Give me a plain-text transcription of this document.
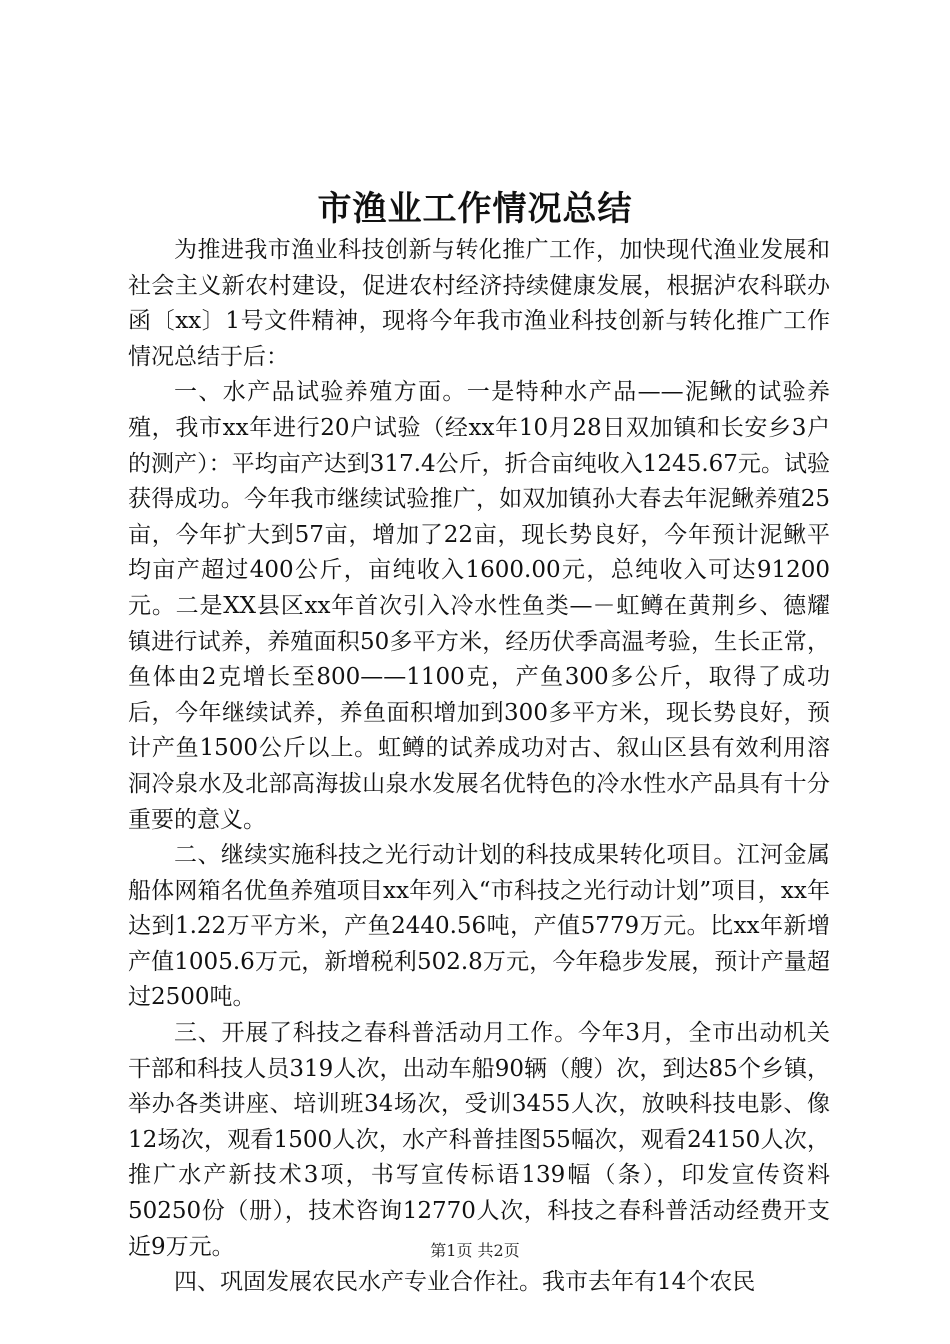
市渔业工作情况总结

为推进我市渔业科技创新与转化推广工作，加快现代渔业发展和社会主义新农村建设，促进农村经济持续健康发展，根据泸农科联办函〔xx〕1号文件精神，现将今年我市渔业科技创新与转化推广工作情况总结于后：

一、水产品试验养殖方面。一是特种水产品——泥鳅的试验养殖，我市xx年进行20户试验（经xx年10月28日双加镇和长安乡3户的测产）：平均亩产达到317.4公斤，折合亩纯收入1245.67元。试验获得成功。今年我市继续试验推广，如双加镇孙大春去年泥鳅养殖25亩，今年扩大到57亩，增加了22亩，现长势良好，今年预计泥鳅平均亩产超过400公斤，亩纯收入1600.00元，总纯收入可达91200元。二是XX县区xx年首次引入冷水性鱼类—－虹鳟在黄荆乡、德耀镇进行试养，养殖面积50多平方米，经历伏季高温考验，生长正常，鱼体由2克增长至800——1100克，产鱼300多公斤，取得了成功后，今年继续试养，养鱼面积增加到300多平方米，现长势良好，预计产鱼1500公斤以上。虹鳟的试养成功对古、叙山区县有效利用溶洞冷泉水及北部高海拔山泉水发展名优特色的冷水性水产品具有十分重要的意义。

二、继续实施科技之光行动计划的科技成果转化项目。江河金属船体网箱名优鱼养殖项目xx年列入“市科技之光行动计划”项目，xx年达到1.22万平方米，产鱼2440.56吨，产值5779万元。比xx年新增产值1005.6万元，新增税利502.8万元，今年稳步发展，预计产量超过2500吨。

三、开展了科技之春科普活动月工作。今年3月，全市出动机关干部和科技人员319人次，出动车船90辆（艘）次，到达85个乡镇，举办各类讲座、培训班34场次，受训3455人次，放映科技电影、像12场次，观看1500人次，水产科普挂图55幅次，观看24150人次，推广水产新技术3项，书写宣传标语139幅（条），印发宣传资料50250份（册），技术咨询12770人次，科技之春科普活动经费开支近9万元。

四、巩固发展农民水产专业合作社。我市去年有14个农民

第1页 共2页
